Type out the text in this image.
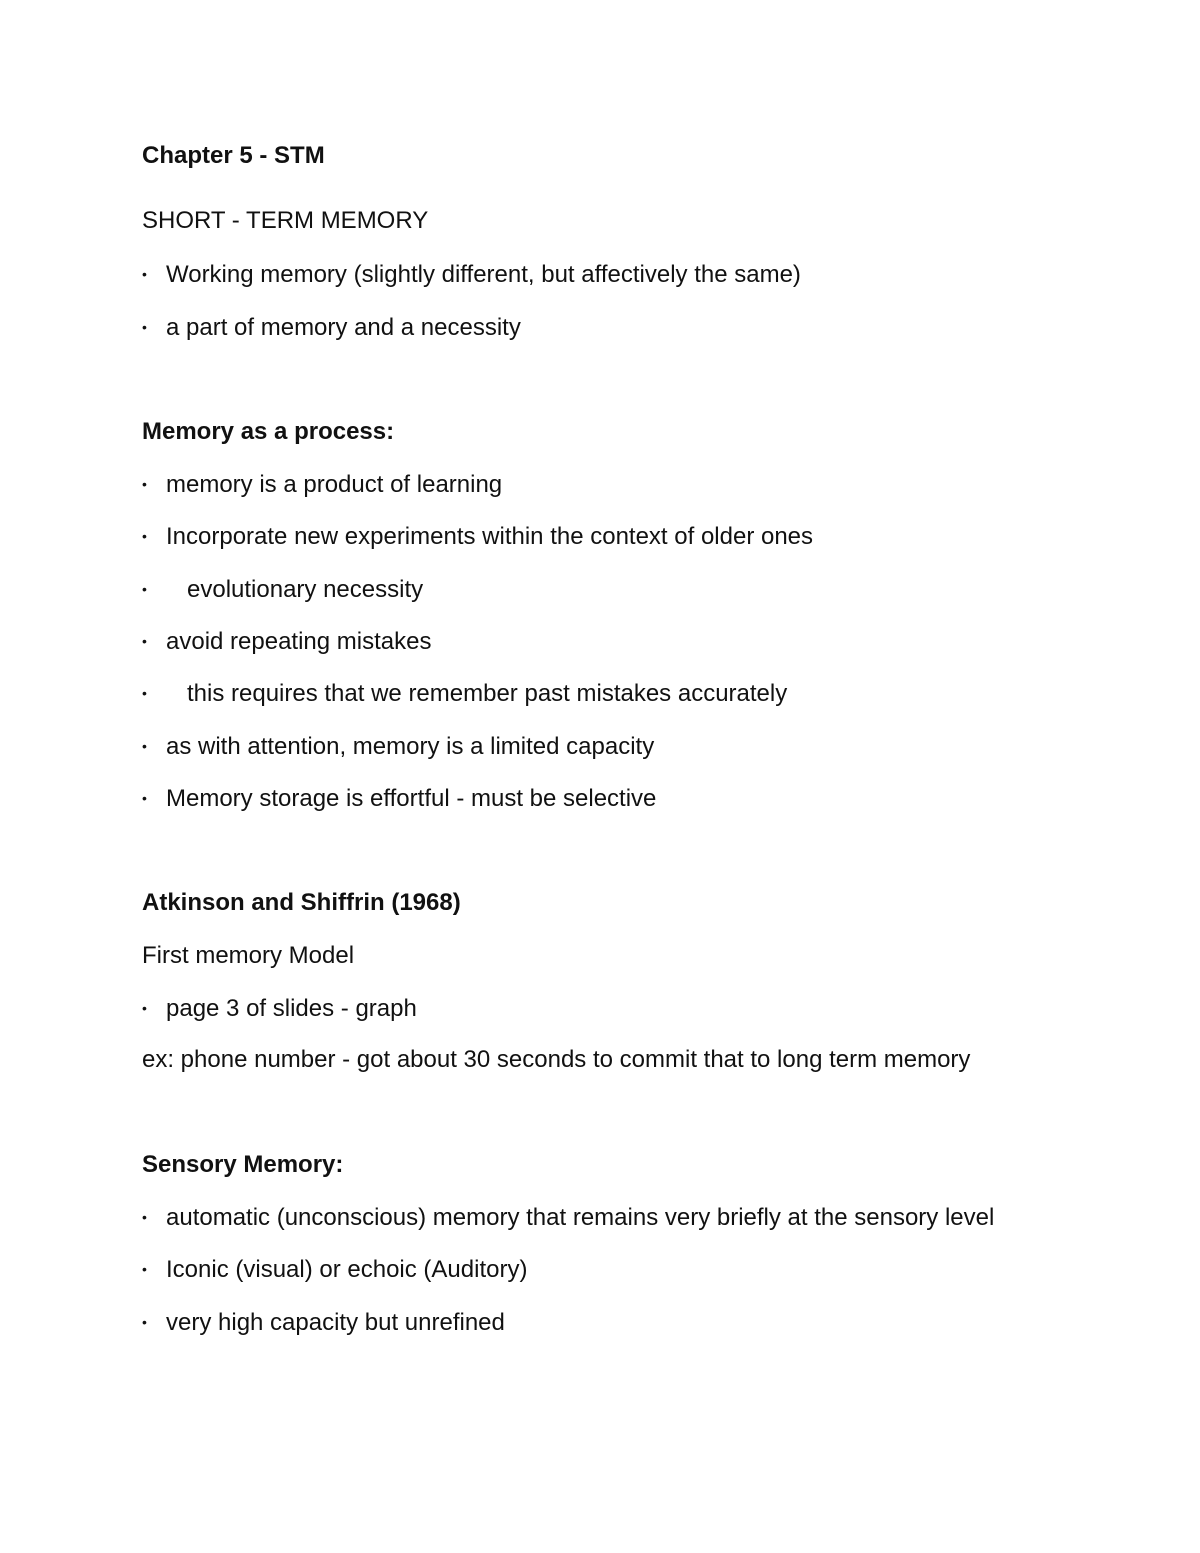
Chapter 5 - STM
SHORT - TERM MEMORY
• Working memory (slightly different, but affectively the same)
• a part of memory and a necessity
Memory as a process:
• memory is a product of learning
• Incorporate new experiments within the context of older ones
• evolutionary necessity
• avoid repeating mistakes
• this requires that we remember past mistakes accurately
• as with attention, memory is a limited capacity
• Memory storage is effortful - must be selective
Atkinson and Shiffrin (1968)
First memory Model
• page 3 of slides - graph
ex: phone number - got about 30 seconds to commit that to long term memory
Sensory Memory:
• automatic (unconscious) memory that remains very briefly at the sensory level
• Iconic (visual) or echoic (Auditory)
• very high capacity but unrefined
